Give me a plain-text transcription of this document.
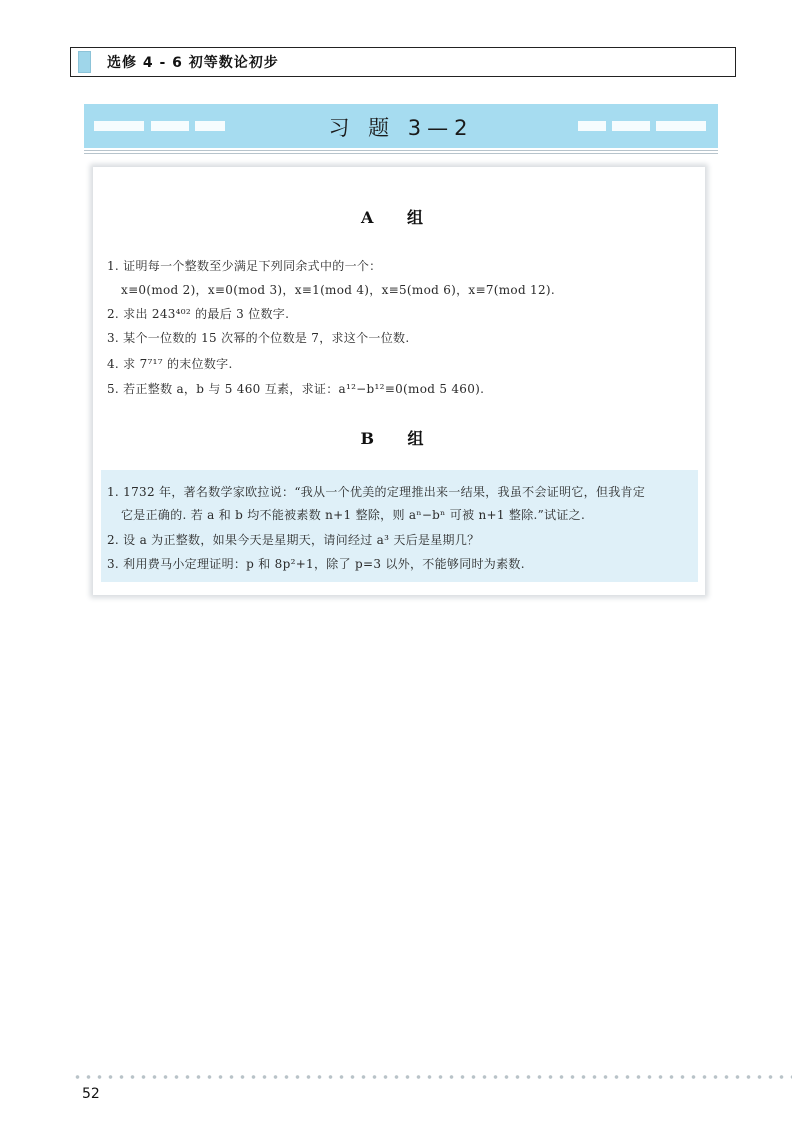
选修 4 - 6 初等数论初步
习 题 3—2
A 组
1. 证明每一个整数至少满足下列同余式中的一个：
x≡0(mod 2)，x≡0(mod 3)，x≡1(mod 4)，x≡5(mod 6)，x≡7(mod 12).
2. 求出 243⁴⁰² 的最后 3 位数字.
3. 某个一位数的 15 次幂的个位数是 7，求这个一位数.
4. 求 7⁷¹⁷ 的末位数字.
5. 若正整数 a，b 与 5 460 互素，求证：a¹²−b¹²≡0(mod 5 460).
B 组
1. 1732 年，著名数学家欧拉说：“我从一个优美的定理推出来一结果，我虽不会证明它，但我肯定
它是正确的. 若 a 和 b 均不能被素数 n+1 整除，则 aⁿ−bⁿ 可被 n+1 整除.”试证之.
2. 设 a 为正整数，如果今天是星期天，请问经过 a³ 天后是星期几？
3. 利用费马小定理证明：p 和 8p²+1，除了 p=3 以外，不能够同时为素数.
52
